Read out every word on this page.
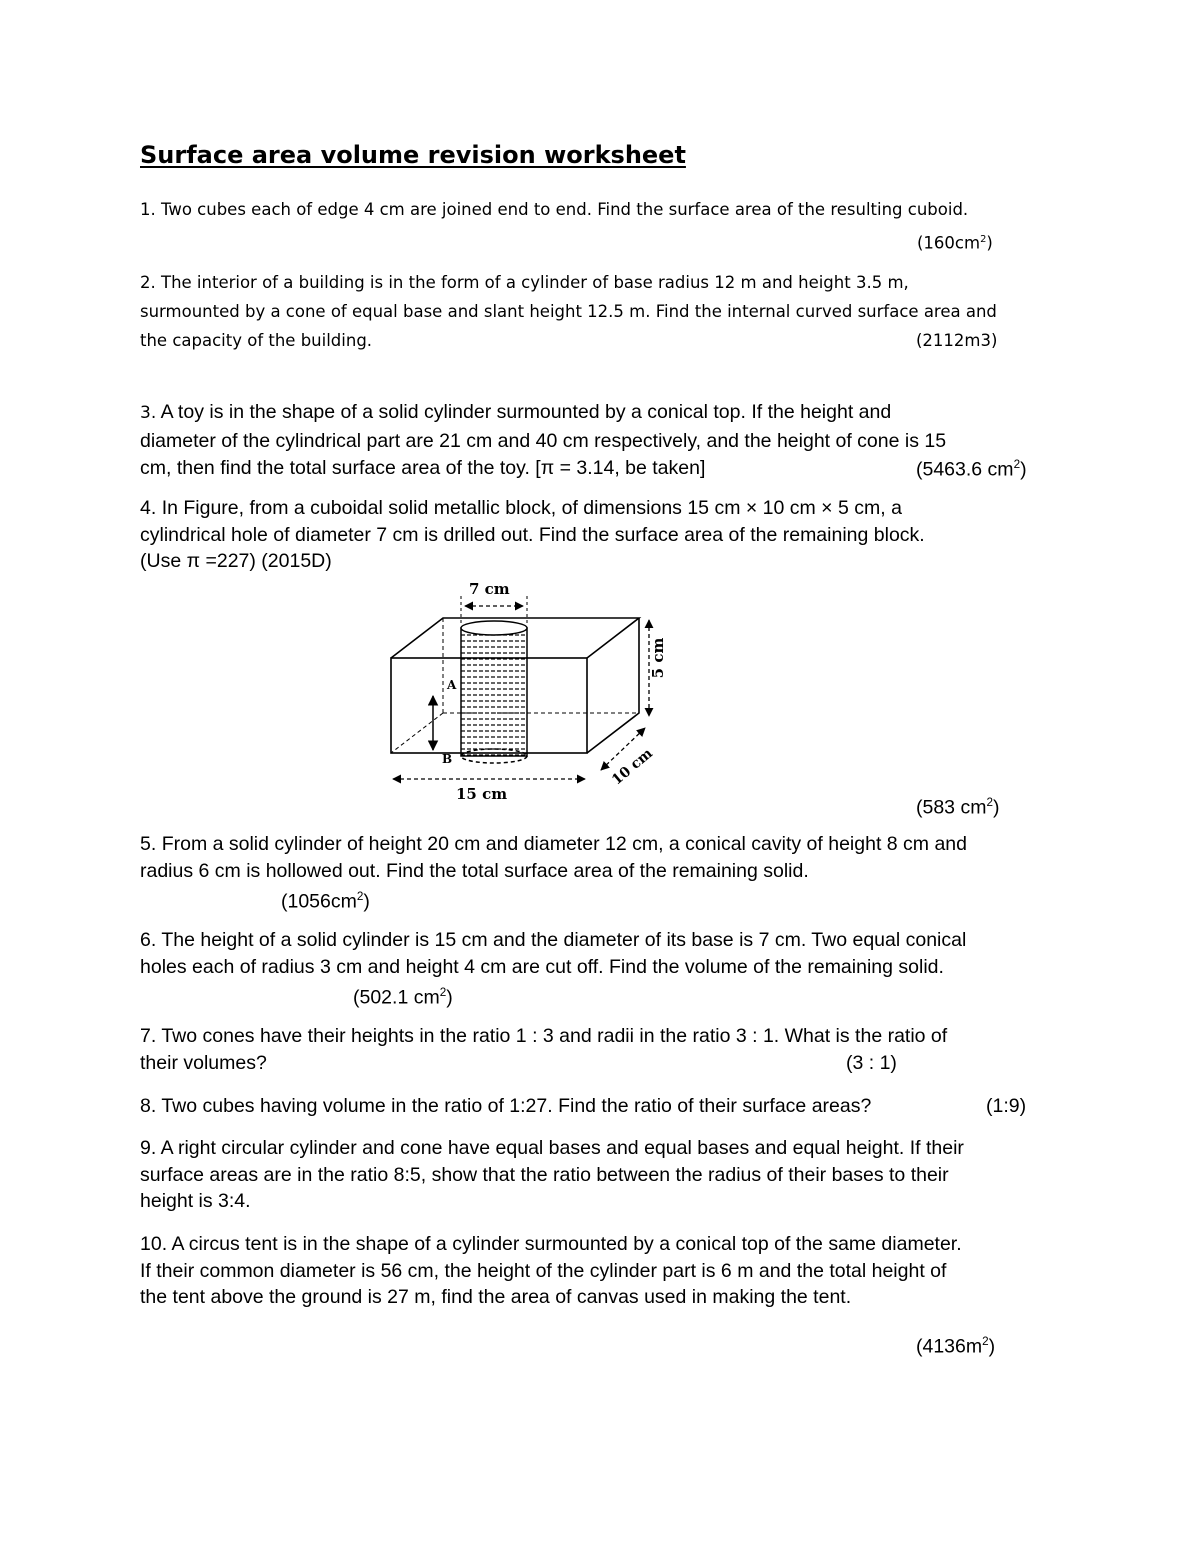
Surface area volume revision worksheet
1. Two cubes each of edge 4 cm are joined end to end. Find the surface area of the resulting cuboid.
$(160cm^2)$
2. The interior of a building is in the form of a cylinder of base radius 12 m and height 3.5 m,
surmounted by a cone of equal base and slant height 12.5 m. Find the internal curved surface area and
the capacity of the building.	(2112m3)
3. A toy is in the shape of a solid cylinder surmounted by a conical top. If the height and
diameter of the cylindrical part are 21 cm and 40 cm respectively, and the height of cone is 15
cm, then find the total surface area of the toy. [π = 3.14, be taken]	(5463.6 $cm^2$)
4. In Figure, from a cuboidal solid metallic block, of dimensions 15 cm × 10 cm × 5 cm, a
cylindrical hole of diameter 7 cm is drilled out. Find the surface area of the remaining block.
(Use π =227) (2015D)
7 cm
5 cm
10 cm
15 cm
A
B
(583 $cm^2$)
5. From a solid cylinder of height 20 cm and diameter 12 cm, a conical cavity of height 8 cm and
radius 6 cm is hollowed out. Find the total surface area of the remaining solid.
$(1056cm^2)$
6. The height of a solid cylinder is 15 cm and the diameter of its base is 7 cm. Two equal conical
holes each of radius 3 cm and height 4 cm are cut off. Find the volume of the remaining solid.
(502.1 $cm^2$)
7. Two cones have their heights in the ratio 1 : 3 and radii in the ratio 3 : 1. What is the ratio of
their volumes?	(3 : 1)
8. Two cubes having volume in the ratio of 1:27. Find the ratio of their surface areas?	(1:9)
9. A right circular cylinder and cone have equal bases and equal bases and equal height. If their
surface areas are in the ratio 8:5, show that the ratio between the radius of their bases to their
height is 3:4.
10. A circus tent is in the shape of a cylinder surmounted by a conical top of the same diameter.
If their common diameter is 56 cm, the height of the cylinder part is 6 m and the total height of
the tent above the ground is 27 m, find the area of canvas used in making the tent.
$(4136m^2)$
